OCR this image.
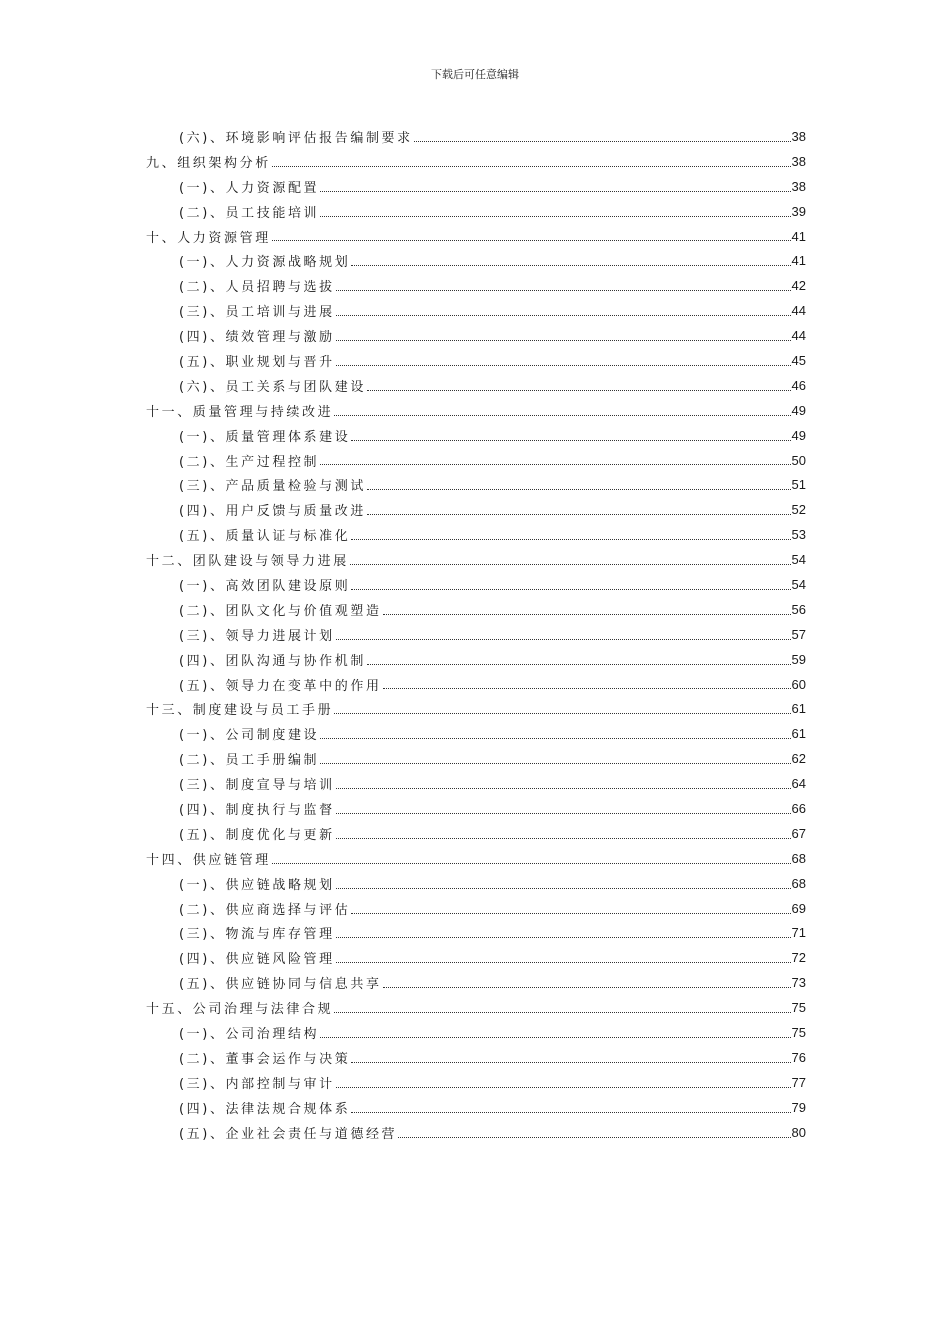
下载后可任意编辑
(六)、环境影响评估报告编制要求	38
九、组织架构分析	38
(一)、人力资源配置	38
(二)、员工技能培训	39
十、人力资源管理	41
(一)、人力资源战略规划	41
(二)、人员招聘与选拔	42
(三)、员工培训与进展	44
(四)、绩效管理与激励	44
(五)、职业规划与晋升	45
(六)、员工关系与团队建设	46
十一、质量管理与持续改进	49
(一)、质量管理体系建设	49
(二)、生产过程控制	50
(三)、产品质量检验与测试	51
(四)、用户反馈与质量改进	52
(五)、质量认证与标准化	53
十二、团队建设与领导力进展	54
(一)、高效团队建设原则	54
(二)、团队文化与价值观塑造	56
(三)、领导力进展计划	57
(四)、团队沟通与协作机制	59
(五)、领导力在变革中的作用	60
十三、制度建设与员工手册	61
(一)、公司制度建设	61
(二)、员工手册编制	62
(三)、制度宣导与培训	64
(四)、制度执行与监督	66
(五)、制度优化与更新	67
十四、供应链管理	68
(一)、供应链战略规划	68
(二)、供应商选择与评估	69
(三)、物流与库存管理	71
(四)、供应链风险管理	72
(五)、供应链协同与信息共享	73
十五、公司治理与法律合规	75
(一)、公司治理结构	75
(二)、董事会运作与决策	76
(三)、内部控制与审计	77
(四)、法律法规合规体系	79
(五)、企业社会责任与道德经营	80
